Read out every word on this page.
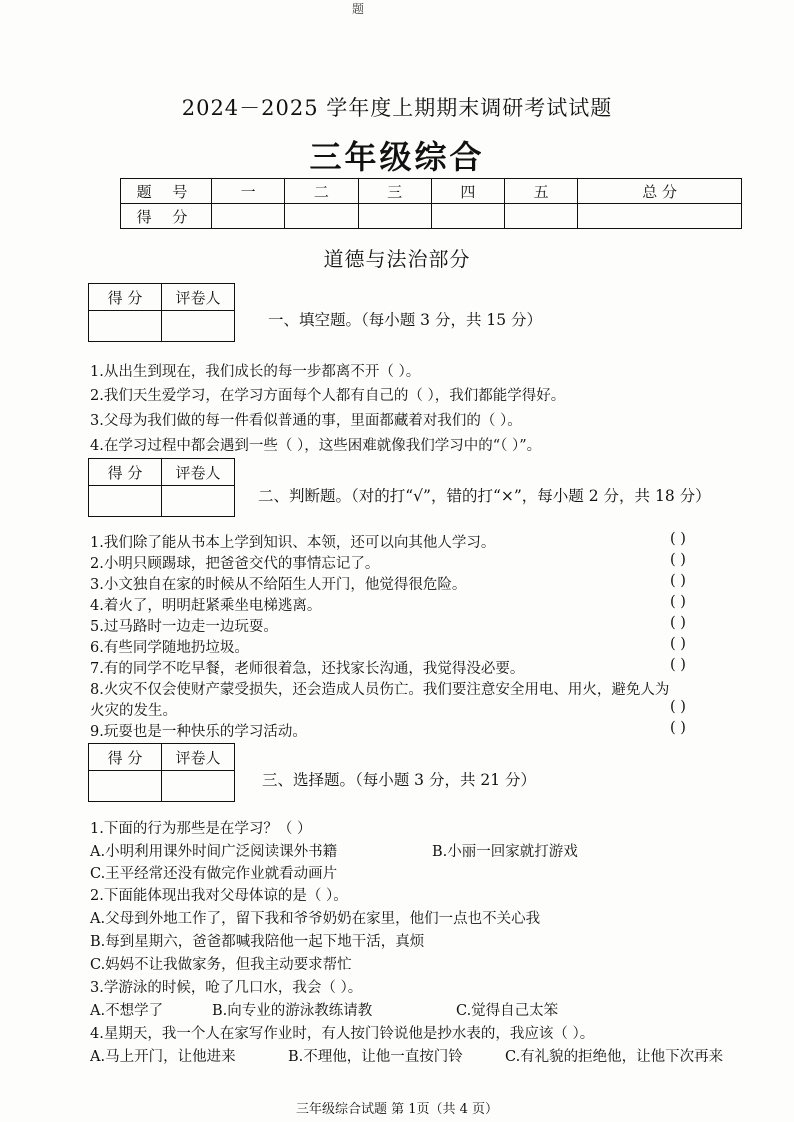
题
2024－2025 学年度上期期末调研考试试题
三年级综合
题 号	一	二	三	四	五	总 分
得 分						
道德与法治部分
得 分	评卷人

一、填空题。（每小题 3 分，共 15 分）
1.从出生到现在，我们成长的每一步都离不开（ ）。
2.我们天生爱学习，在学习方面每个人都有自己的（ ），我们都能学得好。
3.父母为我们做的每一件看似普通的事，里面都藏着对我们的（ ）。
4.在学习过程中都会遇到一些（ ），这些困难就像我们学习中的“（ ）”。
得 分	评卷人

二、判断题。（对的打“√”，错的打“×”，每小题 2 分，共 18 分）
1.我们除了能从书本上学到知识、本领，还可以向其他人学习。	( )
2.小明只顾踢球，把爸爸交代的事情忘记了。	( )
3.小文独自在家的时候从不给陌生人开门，他觉得很危险。	( )
4.着火了，明明赶紧乘坐电梯逃离。	( )
5.过马路时一边走一边玩耍。	( )
6.有些同学随地扔垃圾。	( )
7.有的同学不吃早餐，老师很着急，还找家长沟通，我觉得没必要。	( )
8.火灾不仅会使财产蒙受损失，还会造成人员伤亡。我们要注意安全用电、用火，避免人为
火灾的发生。	( )
9.玩耍也是一种快乐的学习活动。	( )
得 分	评卷人

三、选择题。（每小题 3 分，共 21 分）
1.下面的行为那些是在学习？（ ）
A.小明利用课外时间广泛阅读课外书籍	B.小丽一回家就打游戏
C.王平经常还没有做完作业就看动画片
2.下面能体现出我对父母体谅的是（ ）。
A.父母到外地工作了，留下我和爷爷奶奶在家里，他们一点也不关心我
B.每到星期六，爸爸都喊我陪他一起下地干活，真烦
C.妈妈不让我做家务，但我主动要求帮忙
3.学游泳的时候，呛了几口水，我会（ ）。
A.不想学了	B.向专业的游泳教练请教	C.觉得自己太笨
4.星期天，我一个人在家写作业时，有人按门铃说他是抄水表的，我应该（ ）。
A.马上开门，让他进来	B.不理他，让他一直按门铃	C.有礼貌的拒绝他，让他下次再来
三年级综合试题 第 1页（共 4 页）
